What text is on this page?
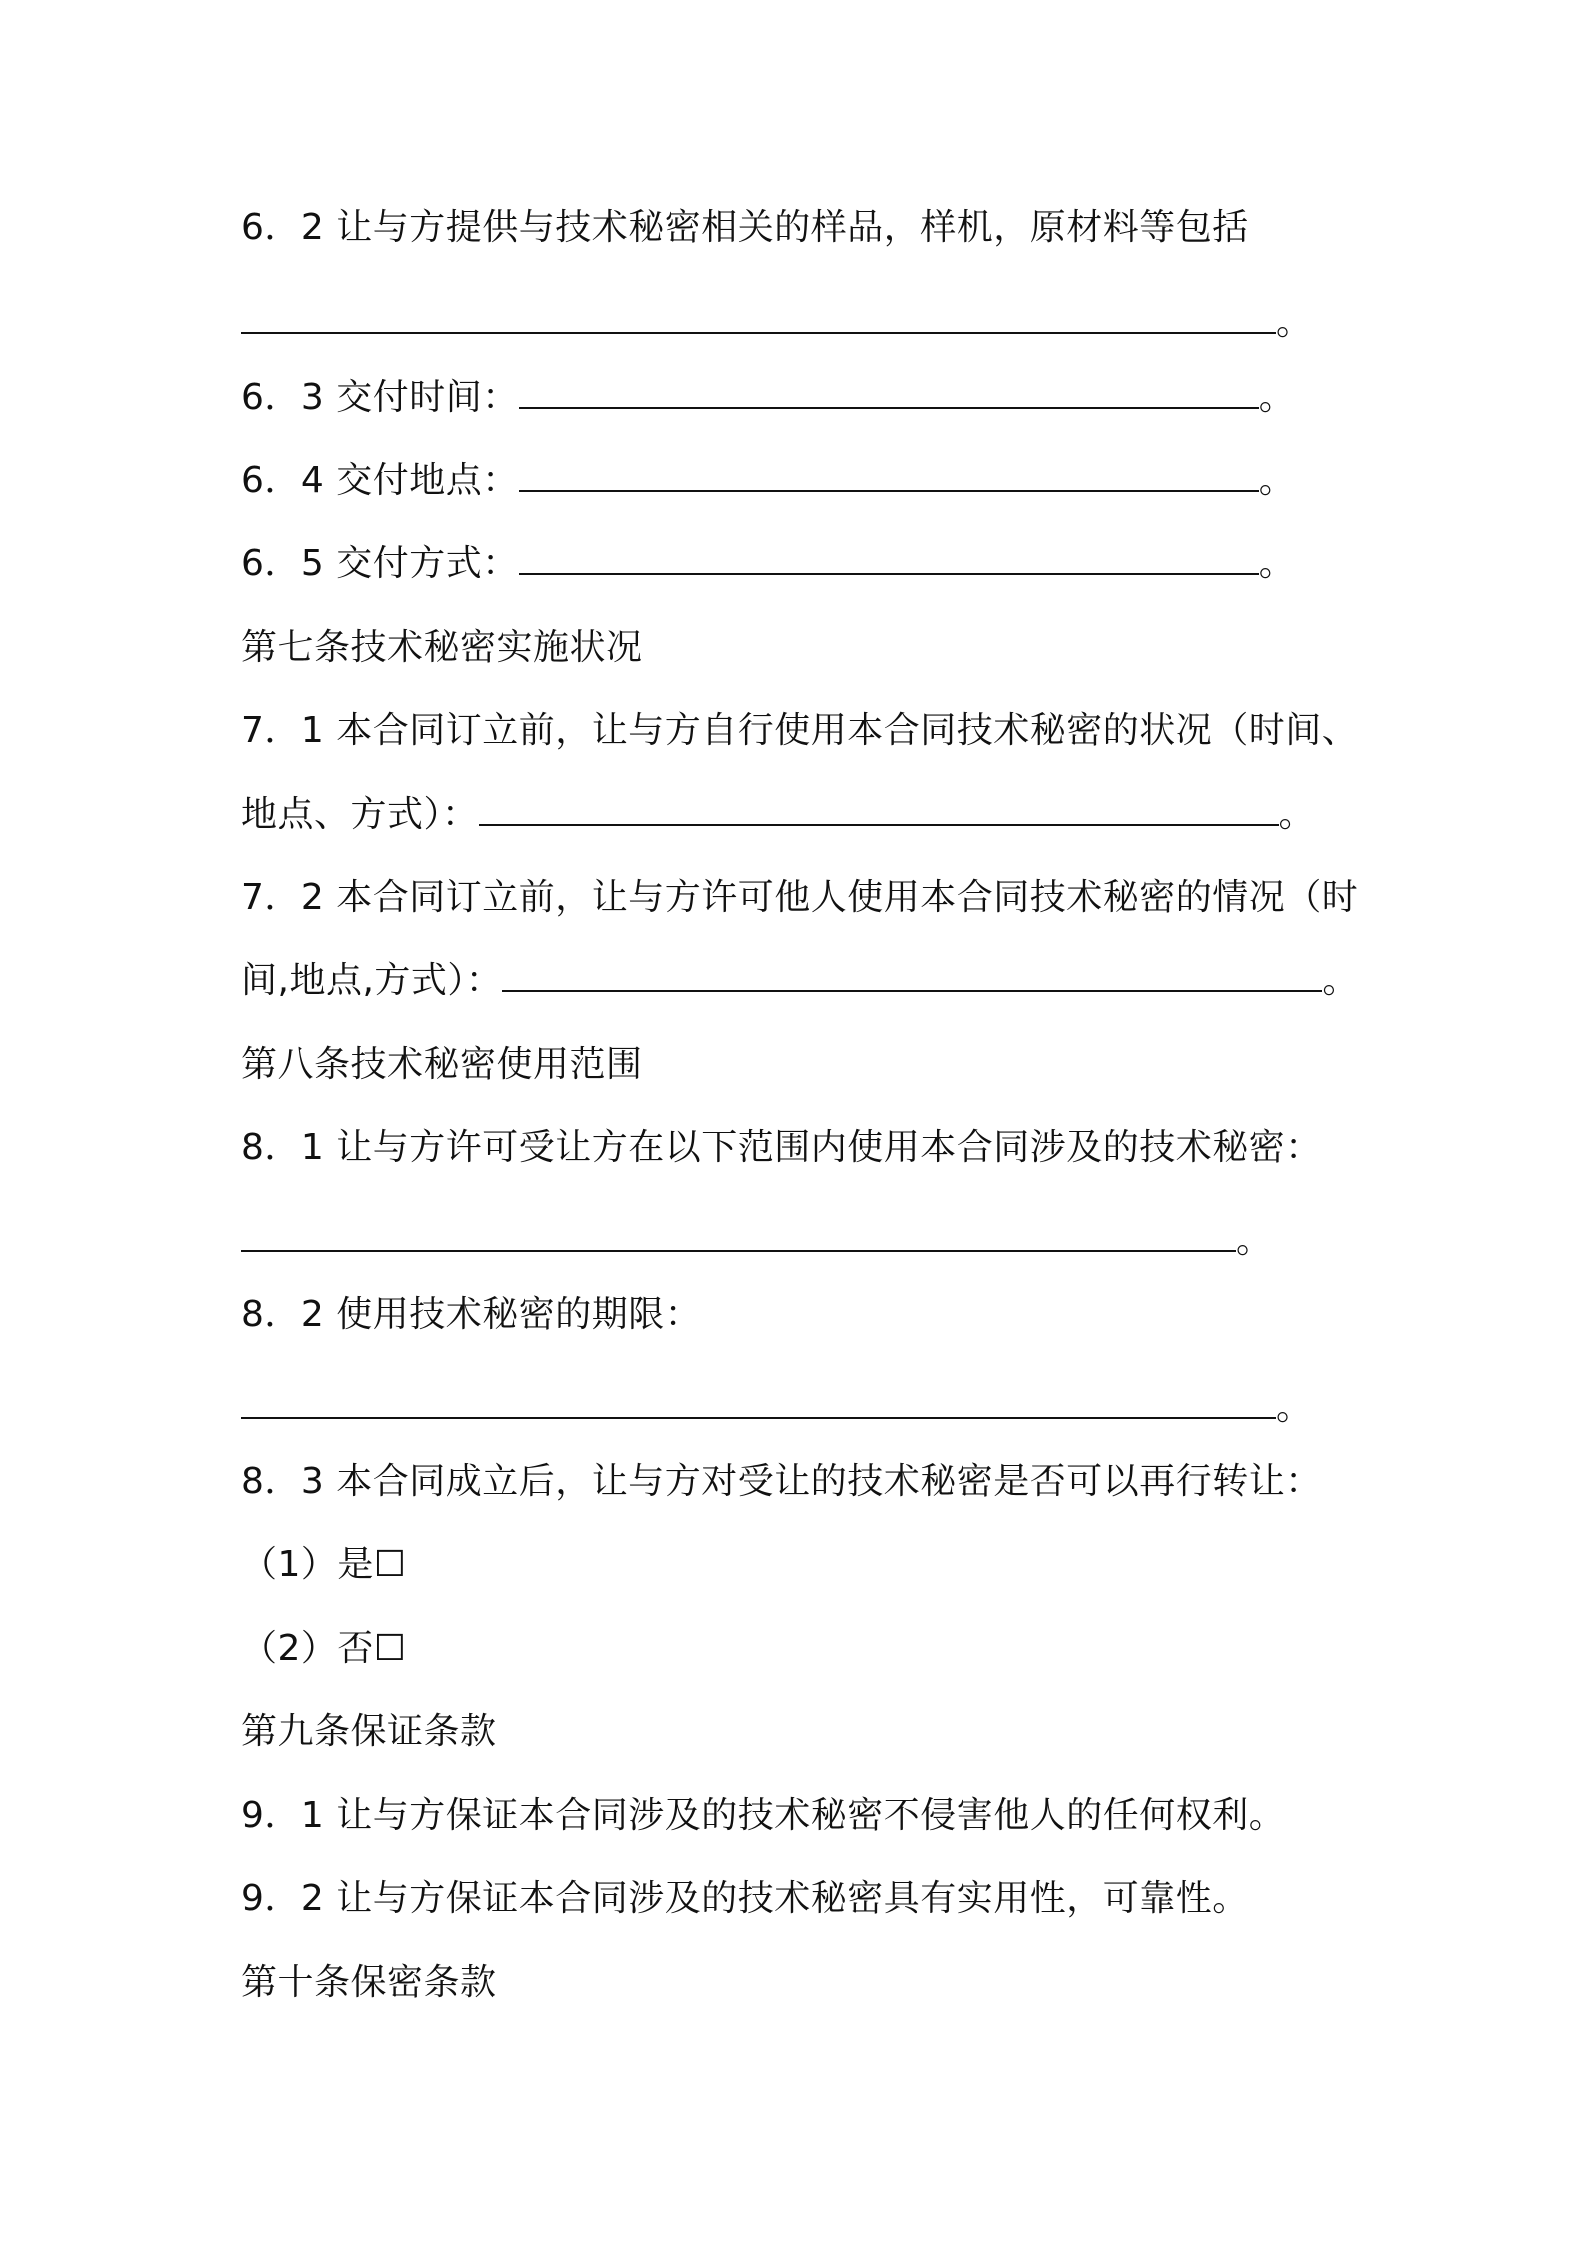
6．2 让与方提供与技术秘密相关的样品，样机，原材料等包括
。
6．3 交付时间：	。
6．4 交付地点：	。
6．5 交付方式：	。
第七条技术秘密实施状况
7．1 本合同订立前，让与方自行使用本合同技术秘密的状况（时间、
地点、方式）：	。
7．2 本合同订立前，让与方许可他人使用本合同技术秘密的情况（时
间,地点,方式）：	。
第八条技术秘密使用范围
8．1 让与方许可受让方在以下范围内使用本合同涉及的技术秘密：
。
8．2 使用技术秘密的期限：
。
8．3 本合同成立后，让与方对受让的技术秘密是否可以再行转让：
（1）是☐
（2）否☐
第九条保证条款
9．1 让与方保证本合同涉及的技术秘密不侵害他人的任何权利。
9．2 让与方保证本合同涉及的技术秘密具有实用性，可靠性。
第十条保密条款
